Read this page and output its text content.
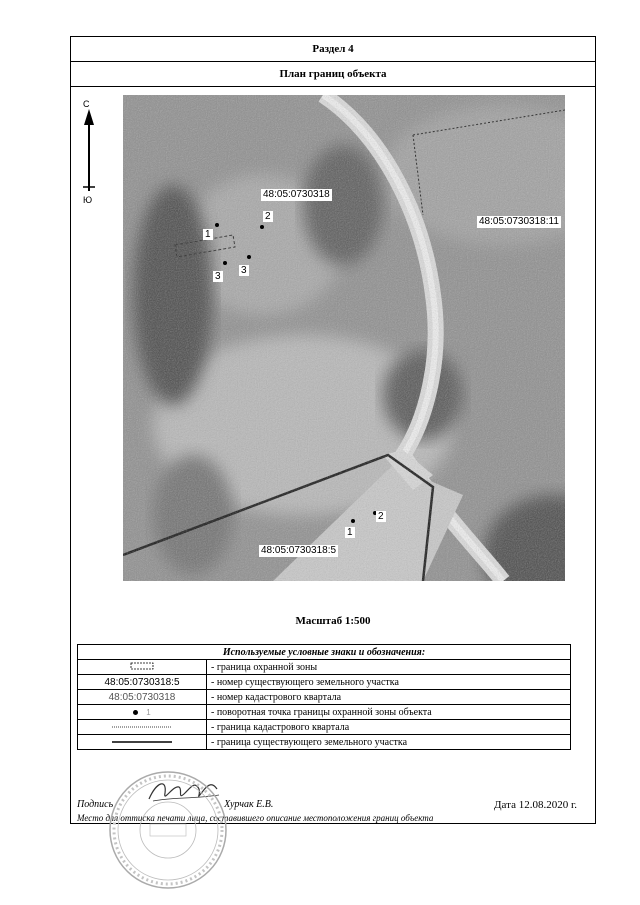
Раздел 4
План границ объекта
С
Ю	48:05:0730318
48:05:0730318:11
48:05:0730318:5
1
2
3
3
1
2
Масштаб 1:500
Используемые условные знаки и обозначения:	
	- граница охранной зоны
48:05:0730318:5	- номер существующего земельного участка
48:05:0730318	- номер кадастрового квартала
1	- поворотная точка границы охранной зоны объекта
	- граница кадастрового квартала
	- граница существующего земельного участка
Подпись	Хурчак Е.В.	Дата 12.08.2020 г.
Место для оттиска печати лица, составившего описание местоположения границ объекта
